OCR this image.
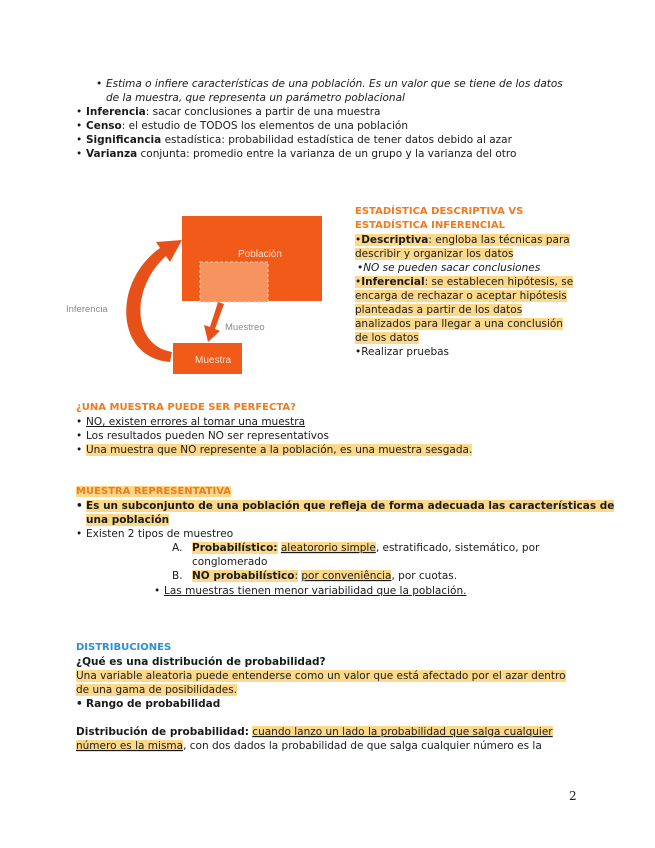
• Estima o infiere características de una población. Es un valor que se tiene de los datos
de la muestra, que representa un parámetro poblacional
• Inferencia: sacar conclusiones a partir de una muestra
• Censo: el estudio de TODOS los elementos de una población
• Significancia estadística: probabilidad estadística de tener datos debido al azar
• Varianza conjunta: promedio entre la varianza de un grupo y la varianza del otro
Población
Muestra
Muestreo
Inferencia
ESTADÍSTICA DESCRIPTIVA VS
ESTADÍSTICA INFERENCIAL
•Descriptiva: engloba las técnicas para
describir y organizar los datos
•NO se pueden sacar conclusiones
•Inferencial: se establecen hipótesis, se
encarga de rechazar o aceptar hipótesis
planteadas a partir de los datos
analizados para llegar a una conclusión
de los datos
•Realizar pruebas
¿UNA MUESTRA PUEDE SER PERFECTA?
• NO, existen errores al tomar una muestra
• Los resultados pueden NO ser representativos
• Una muestra que NO represente a la población, es una muestra sesgada.
MUESTRA REPRESENTATIVA
• Es un subconjunto de una población que refleja de forma adecuada las características de
una población
• Existen 2 tipos de muestreo
A. Probabilístico: aleatororio simple, estratificado, sistemático, por
conglomerado
B. NO probabilístico: por conveniência, por cuotas.
• Las muestras tienen menor variabilidad que la población.
DISTRIBUCIONES
¿Qué es una distribución de probabilidad?
Una variable aleatoria puede entenderse como un valor que está afectado por el azar dentro
de una gama de posibilidades.
• Rango de probabilidad
Distribución de probabilidad: cuando lanzo un lado la probabilidad que salga cualquier
número es la misma, con dos dados la probabilidad de que salga cualquier número es la
2
